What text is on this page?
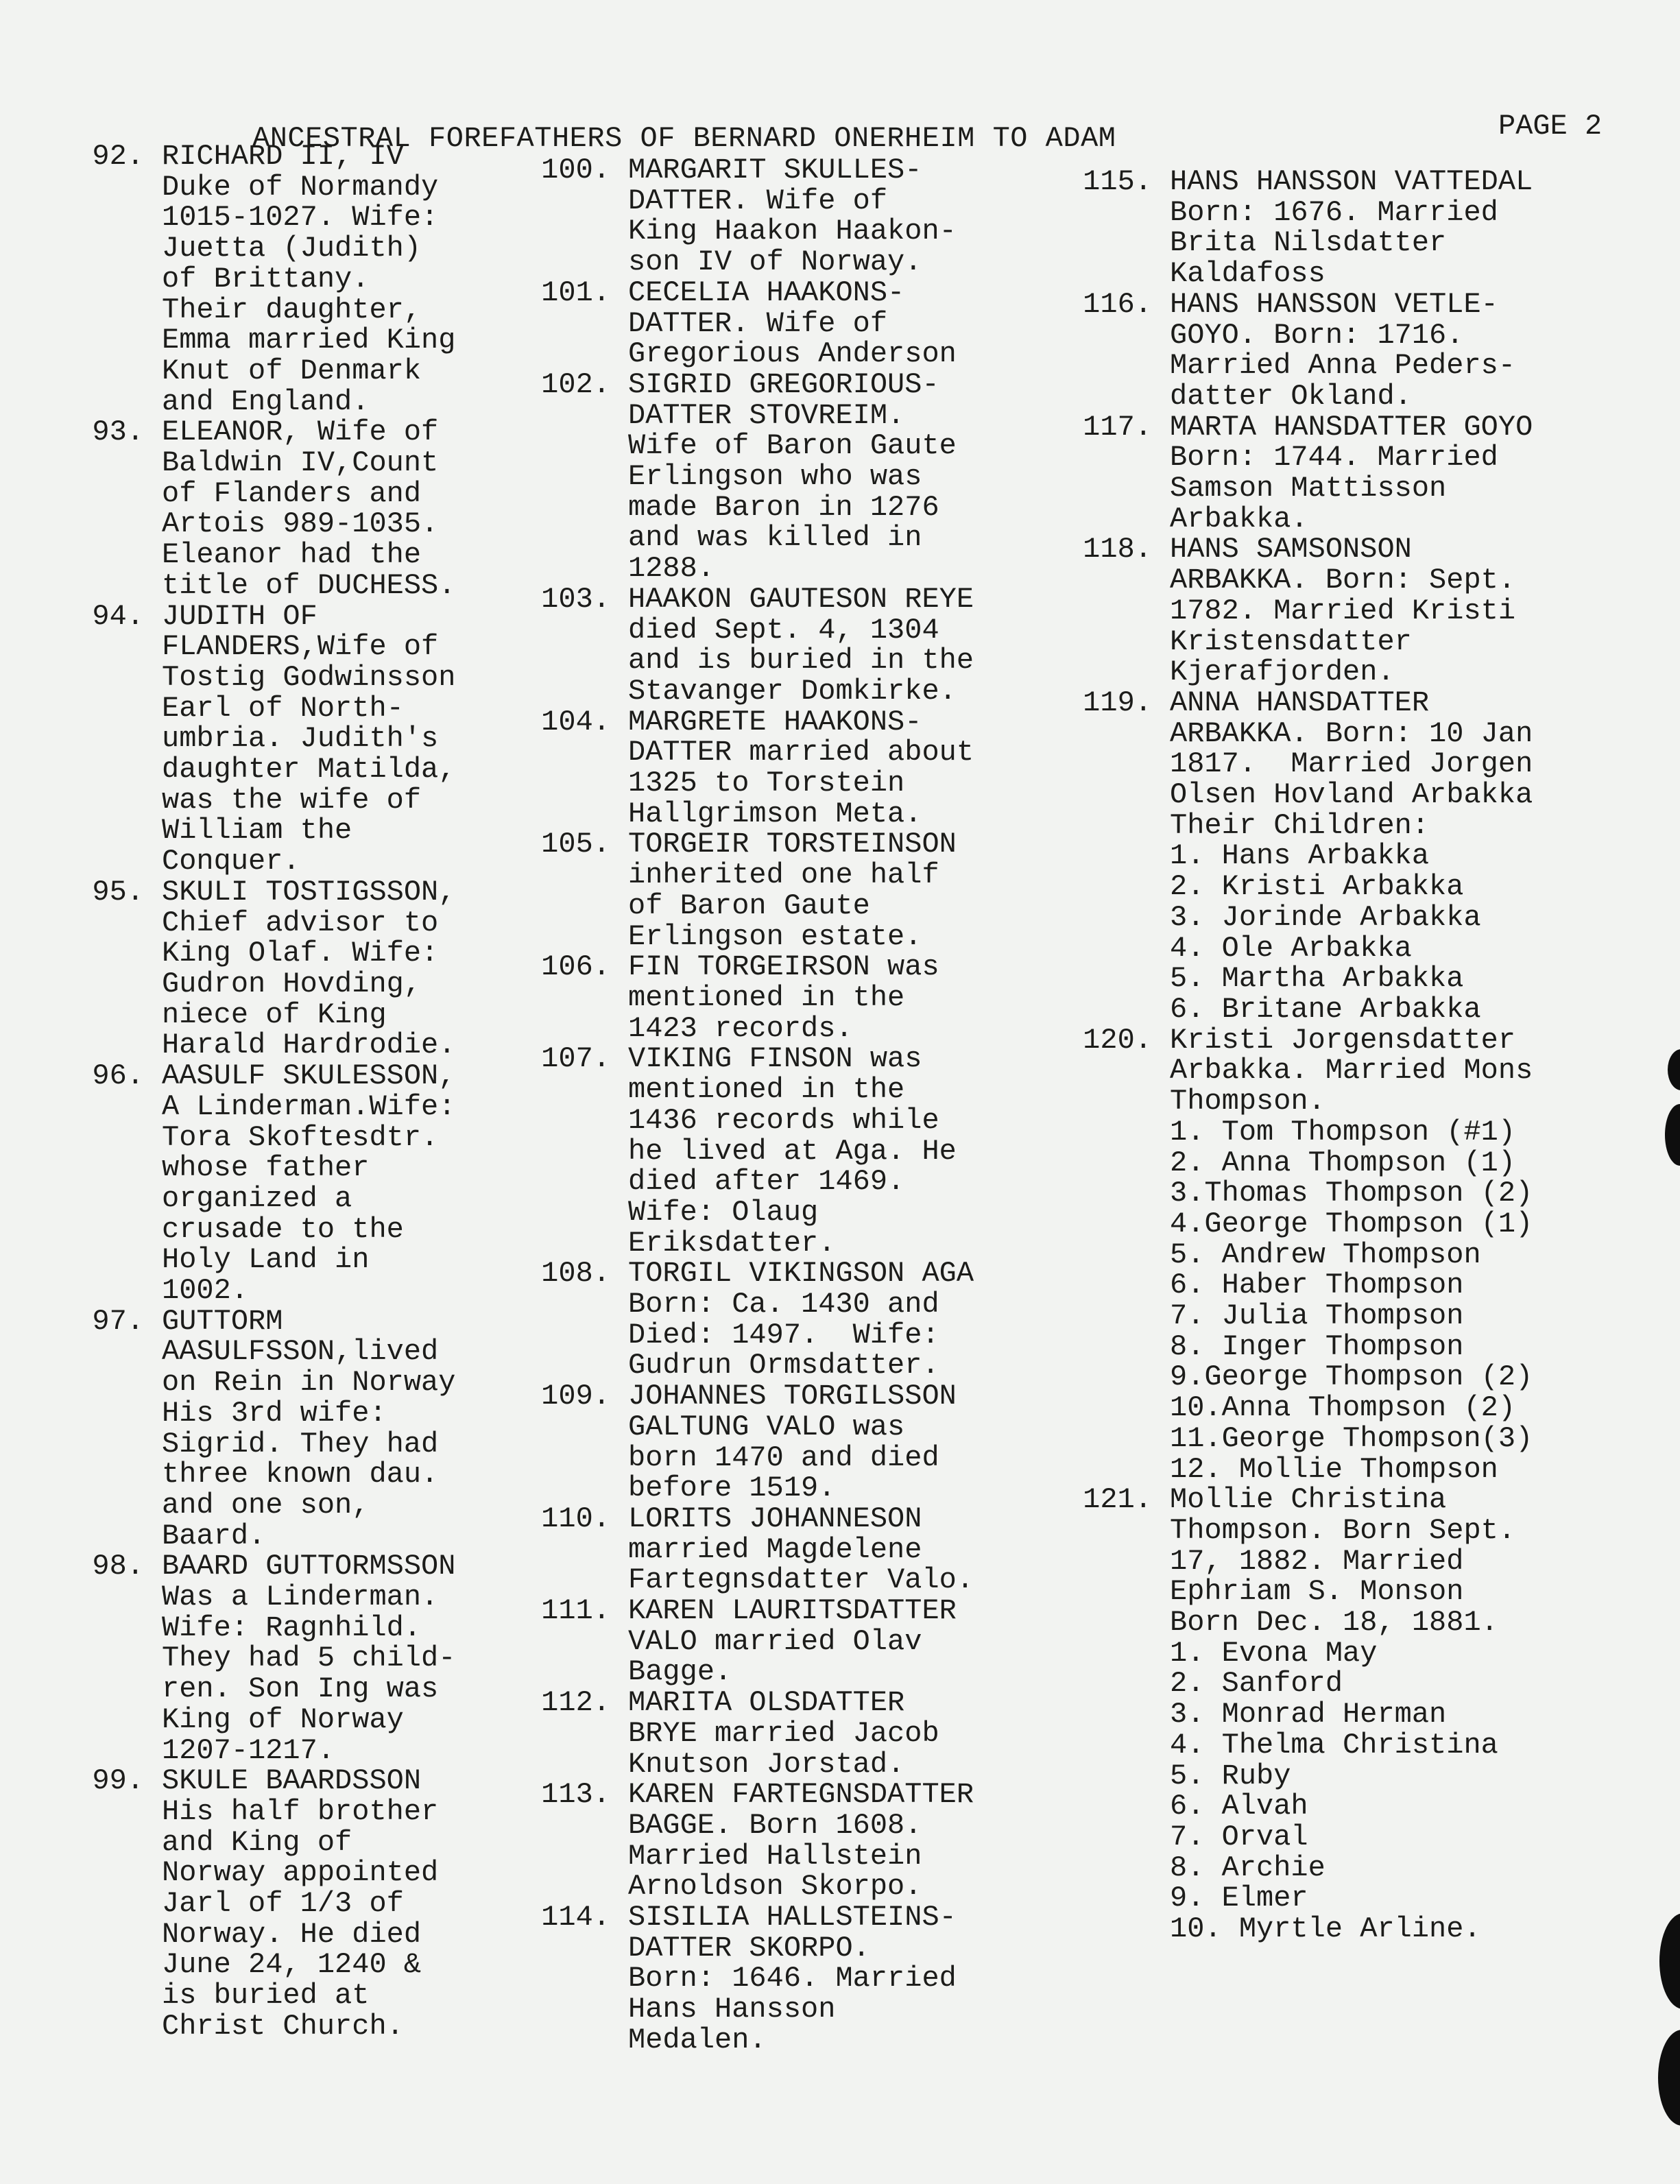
ANCESTRAL FOREFATHERS OF BERNARD ONERHEIM TO ADAM	PAGE 2
92. RICHARD II, IV
Duke of Normandy
1015-1027. Wife:
Juetta (Judith)
of Brittany.
Their daughter,
Emma married King
Knut of Denmark
and England.
93. ELEANOR, Wife of
Baldwin IV,Count
of Flanders and
Artois 989-1035.
Eleanor had the
title of DUCHESS.
94. JUDITH OF
FLANDERS,Wife of
Tostig Godwinsson
Earl of North-
umbria. Judith's
daughter Matilda,
was the wife of
William the
Conquer.
95. SKULI TOSTIGSSON,
Chief advisor to
King Olaf. Wife:
Gudron Hovding,
niece of King
Harald Hardrodie.
96. AASULF SKULESSON,
A Linderman.Wife:
Tora Skoftesdtr.
whose father
organized a
crusade to the
Holy Land in
1002.
97. GUTTORM
AASULFSSON,lived
on Rein in Norway
His 3rd wife:
Sigrid. They had
three known dau.
and one son,
Baard.
98. BAARD GUTTORMSSON
Was a Linderman.
Wife: Ragnhild.
They had 5 child-
ren. Son Ing was
King of Norway
1207-1217.
99. SKULE BAARDSSON
His half brother
and King of
Norway appointed
Jarl of 1/3 of
Norway. He died
June 24, 1240 &
is buried at
Christ Church.
100. MARGARIT SKULLES-
DATTER. Wife of
King Haakon Haakon-
son IV of Norway.
101. CECELIA HAAKONS-
DATTER. Wife of
Gregorious Anderson
102. SIGRID GREGORIOUS-
DATTER STOVREIM.
Wife of Baron Gaute
Erlingson who was
made Baron in 1276
and was killed in
1288.
103. HAAKON GAUTESON REYE
died Sept. 4, 1304
and is buried in the
Stavanger Domkirke.
104. MARGRETE HAAKONS-
DATTER married about
1325 to Torstein
Hallgrimson Meta.
105. TORGEIR TORSTEINSON
inherited one half
of Baron Gaute
Erlingson estate.
106. FIN TORGEIRSON was
mentioned in the
1423 records.
107. VIKING FINSON was
mentioned in the
1436 records while
he lived at Aga. He
died after 1469.
Wife: Olaug
Eriksdatter.
108. TORGIL VIKINGSON AGA
Born: Ca. 1430 and
Died: 1497.  Wife:
Gudrun Ormsdatter.
109. JOHANNES TORGILSSON
GALTUNG VALO was
born 1470 and died
before 1519.
110. LORITS JOHANNESON
married Magdelene
Fartegnsdatter Valo.
111. KAREN LAURITSDATTER
VALO married Olav
Bagge.
112. MARITA OLSDATTER
BRYE married Jacob
Knutson Jorstad.
113. KAREN FARTEGNSDATTER
BAGGE. Born 1608.
Married Hallstein
Arnoldson Skorpo.
114. SISILIA HALLSTEINS-
DATTER SKORPO.
Born: 1646. Married
Hans Hansson
Medalen.
115. HANS HANSSON VATTEDAL
Born: 1676. Married
Brita Nilsdatter
Kaldafoss
116. HANS HANSSON VETLE-
GOYO. Born: 1716.
Married Anna Peders-
datter Okland.
117. MARTA HANSDATTER GOYO
Born: 1744. Married
Samson Mattisson
Arbakka.
118. HANS SAMSONSON
ARBAKKA. Born: Sept.
1782. Married Kristi
Kristensdatter
Kjerafjorden.
119. ANNA HANSDATTER
ARBAKKA. Born: 10 Jan
1817.  Married Jorgen
Olsen Hovland Arbakka
Their Children:
1. Hans Arbakka
2. Kristi Arbakka
3. Jorinde Arbakka
4. Ole Arbakka
5. Martha Arbakka
6. Britane Arbakka
120. Kristi Jorgensdatter
Arbakka. Married Mons
Thompson.
1. Tom Thompson (#1)
2. Anna Thompson (1)
3.Thomas Thompson (2)
4.George Thompson (1)
5. Andrew Thompson
6. Haber Thompson
7. Julia Thompson
8. Inger Thompson
9.George Thompson (2)
10.Anna Thompson (2)
11.George Thompson(3)
12. Mollie Thompson
121. Mollie Christina
Thompson. Born Sept.
17, 1882. Married
Ephriam S. Monson
Born Dec. 18, 1881.
1. Evona May
2. Sanford
3. Monrad Herman
4. Thelma Christina
5. Ruby
6. Alvah
7. Orval
8. Archie
9. Elmer
10. Myrtle Arline.
